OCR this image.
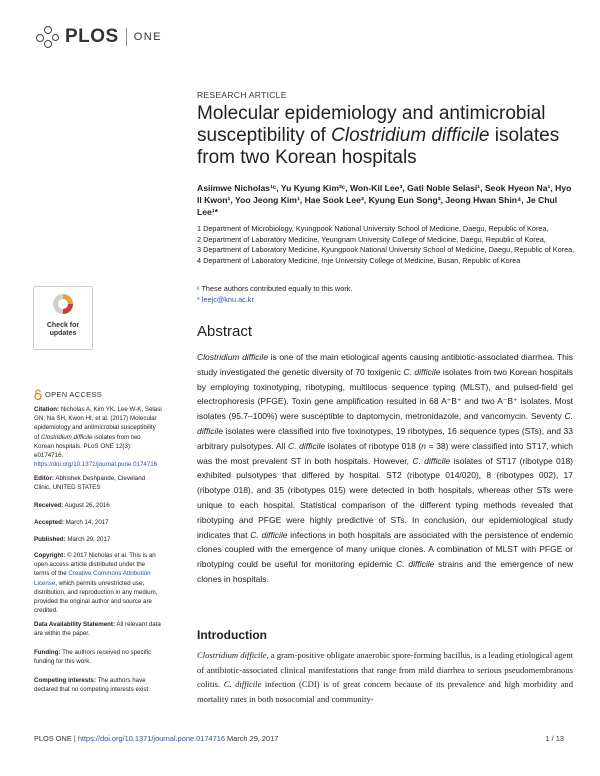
PLOS ONE
RESEARCH ARTICLE
Molecular epidemiology and antimicrobial susceptibility of Clostridium difficile isolates from two Korean hospitals
Asiimwe Nicholas¹ᶜ, Yu Kyung Kim²ᶜ, Won-Kil Lee³, Gati Noble Selasi¹, Seok Hyeon Na¹, Hyo Il Kwon¹, Yoo Jeong Kim¹, Hae Sook Lee³, Kyung Eun Song³, Jeong Hwan Shin⁴, Je Chul Lee¹*
1 Department of Microbiology, Kyungpook National University School of Medicine, Daegu, Republic of Korea,
2 Department of Laboratory Medicine, Yeungnam University College of Medicine, Daegu, Republic of Korea,
3 Department of Laboratory Medicine, Kyungpook National University School of Medicine, Daegu, Republic of Korea, 4 Department of Laboratory Medicine, Inje University College of Medicine, Busan, Republic of Korea
ᶜ These authors contributed equally to this work.
* leejc@knu.ac.kr
Abstract
Clostridium difficile is one of the main etiological agents causing antibiotic-associated diarrhea. This study investigated the genetic diversity of 70 toxigenic C. difficile isolates from two Korean hospitals by employing toxinotyping, ribotyping, multilocus sequence typing (MLST), and pulsed-field gel electrophoresis (PFGE). Toxin gene amplification resulted in 68 A⁺B⁺ and two A⁻B⁺ isolates. Most isolates (95.7–100%) were susceptible to daptomycin, metronidazole, and vancomycin. Seventy C. difficile isolates were classified into five toxinotypes, 19 ribotypes, 16 sequence types (STs), and 33 arbitrary pulsotypes. All C. difficile isolates of ribotype 018 (n = 38) were classified into ST17, which was the most prevalent ST in both hospitals. However, C. difficile isolates of ST17 (ribotype 018) exhibited pulsotypes that differed by hospital. ST2 (ribotype 014/020), 8 (ribotypes 002), 17 (ribotype 018), and 35 (ribotypes 015) were detected in both hospitals, whereas other STs were unique to each hospital. Statistical comparison of the different typing methods revealed that ribotyping and PFGE were highly predictive of STs. In conclusion, our epidemiological study indicates that C. difficile infections in both hospitals are associated with the persistence of endemic clones coupled with the emergence of many unique clones. A combination of MLST with PFGE or ribotyping could be useful for monitoring epidemic C. difficile strains and the emergence of new clones in hospitals.
Introduction
Clostridium difficile, a gram-positive obligate anaerobic spore-forming bacillus, is a leading etiological agent of antibiotic-associated clinical manifestations that range from mild diarrhea to serious pseudomembranous colitis. C. difficile infection (CDI) is of great concern because of its prevalence and high morbidity and mortality rates in both nosocomial and community-
Check for
updates
OPEN ACCESS
Citation: Nicholas A, Kim YK, Lee W-K, Selasi GN, Na SH, Kwon HI, et al. (2017) Molecular epidemiology and antimicrobial susceptibility of Clostridium difficile isolates from two Korean hospitals. PLoS ONE 12(3): e0174716. https://doi.org/10.1371/journal.pone.0174716
Editor: Abhishek Deshpande, Cleveland Clinic, UNITED STATES
Received: August 26, 2016
Accepted: March 14, 2017
Published: March 29, 2017
Copyright: © 2017 Nicholas et al. This is an open access article distributed under the terms of the Creative Commons Attribution License, which permits unrestricted use, distribution, and reproduction in any medium, provided the original author and source are credited.
Data Availability Statement: All relevant data are within the paper.
Funding: The authors received no specific funding for this work.
Competing interests: The authors have declared that no competing interests exist.
PLOS ONE | https://doi.org/10.1371/journal.pone.0174716 March 29, 2017	1 / 13
